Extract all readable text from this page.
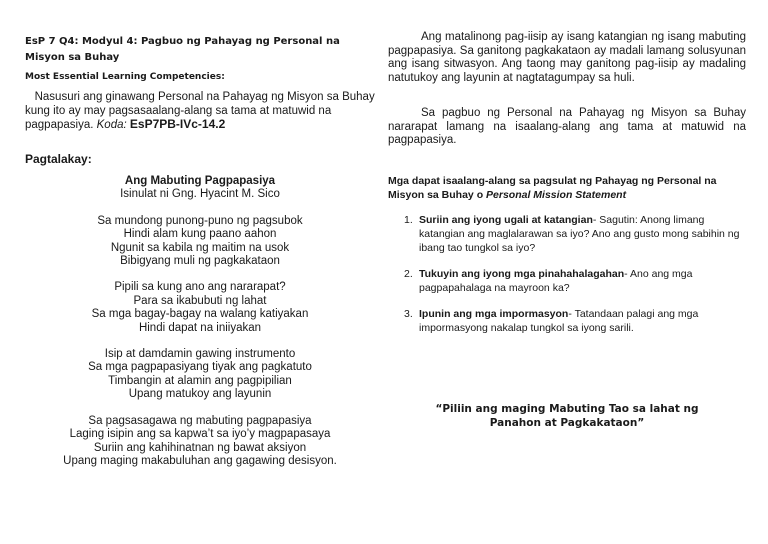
EsP 7 Q4: Modyul 4: Pagbuo ng Pahayag ng Personal na Misyon sa Buhay
Most Essential Learning Competencies:
Nasusuri ang ginawang Personal na Pahayag ng Misyon sa Buhay kung ito ay may pagsasaalang-alang sa tama at matuwid na pagpapasiya. Koda: EsP7PB-IVc-14.2
Pagtalakay:
Ang Mabuting Pagpapasiya
Isinulat ni Gng. Hyacint M. Sico
Sa mundong punong-puno ng pagsubok
Hindi alam kung paano aahon
Ngunit sa kabila ng maitim na usok
Bibigyang muli ng pagkakataon
Pipili sa kung ano ang nararapat?
Para sa ikabubuti ng lahat
Sa mga bagay-bagay na walang katiyakan
Hindi dapat na iniiyakan
Isip at damdamin gawing instrumento
Sa mga pagpapasiyang tiyak ang pagkatuto
Timbangin at alamin ang pagpipilian
Upang matukoy ang layunin
Sa pagsasagawa ng mabuting pagpapasiya
Laging isipin ang sa kapwa’t sa iyo’y magpapasaya
Suriin ang kahihinatnan ng bawat aksiyon
Upang maging makabuluhan ang gagawing desisyon.
Ang matalinong pag-iisip ay isang katangian ng isang mabuting pagpapasiya. Sa ganitong pagkakataon ay madali lamang solusyunan ang isang sitwasyon. Ang taong may ganitong pag-iisip ay madaling natutukoy ang layunin at nagtatagumpay sa huli.
Sa pagbuo ng Personal na Pahayag ng Misyon sa Buhay nararapat lamang na isaalang-alang ang tama at matuwid na pagpapasiya.
Mga dapat isaalang-alang sa pagsulat ng Pahayag ng Personal na Misyon sa Buhay o Personal Mission Statement
1. Suriin ang iyong ugali at katangian- Sagutin: Anong limang katangian ang maglalarawan sa iyo? Ano ang gusto mong sabihin ng ibang tao tungkol sa iyo?
2. Tukuyin ang iyong mga pinahahalagahan- Ano ang mga pagpapahalaga na mayroon ka?
3. Ipunin ang mga impormasyon- Tatandaan palagi ang mga impormasyong nakalap tungkol sa iyong sarili.
“Piliin ang maging Mabuting Tao sa lahat ng
Panahon at Pagkakataon”
